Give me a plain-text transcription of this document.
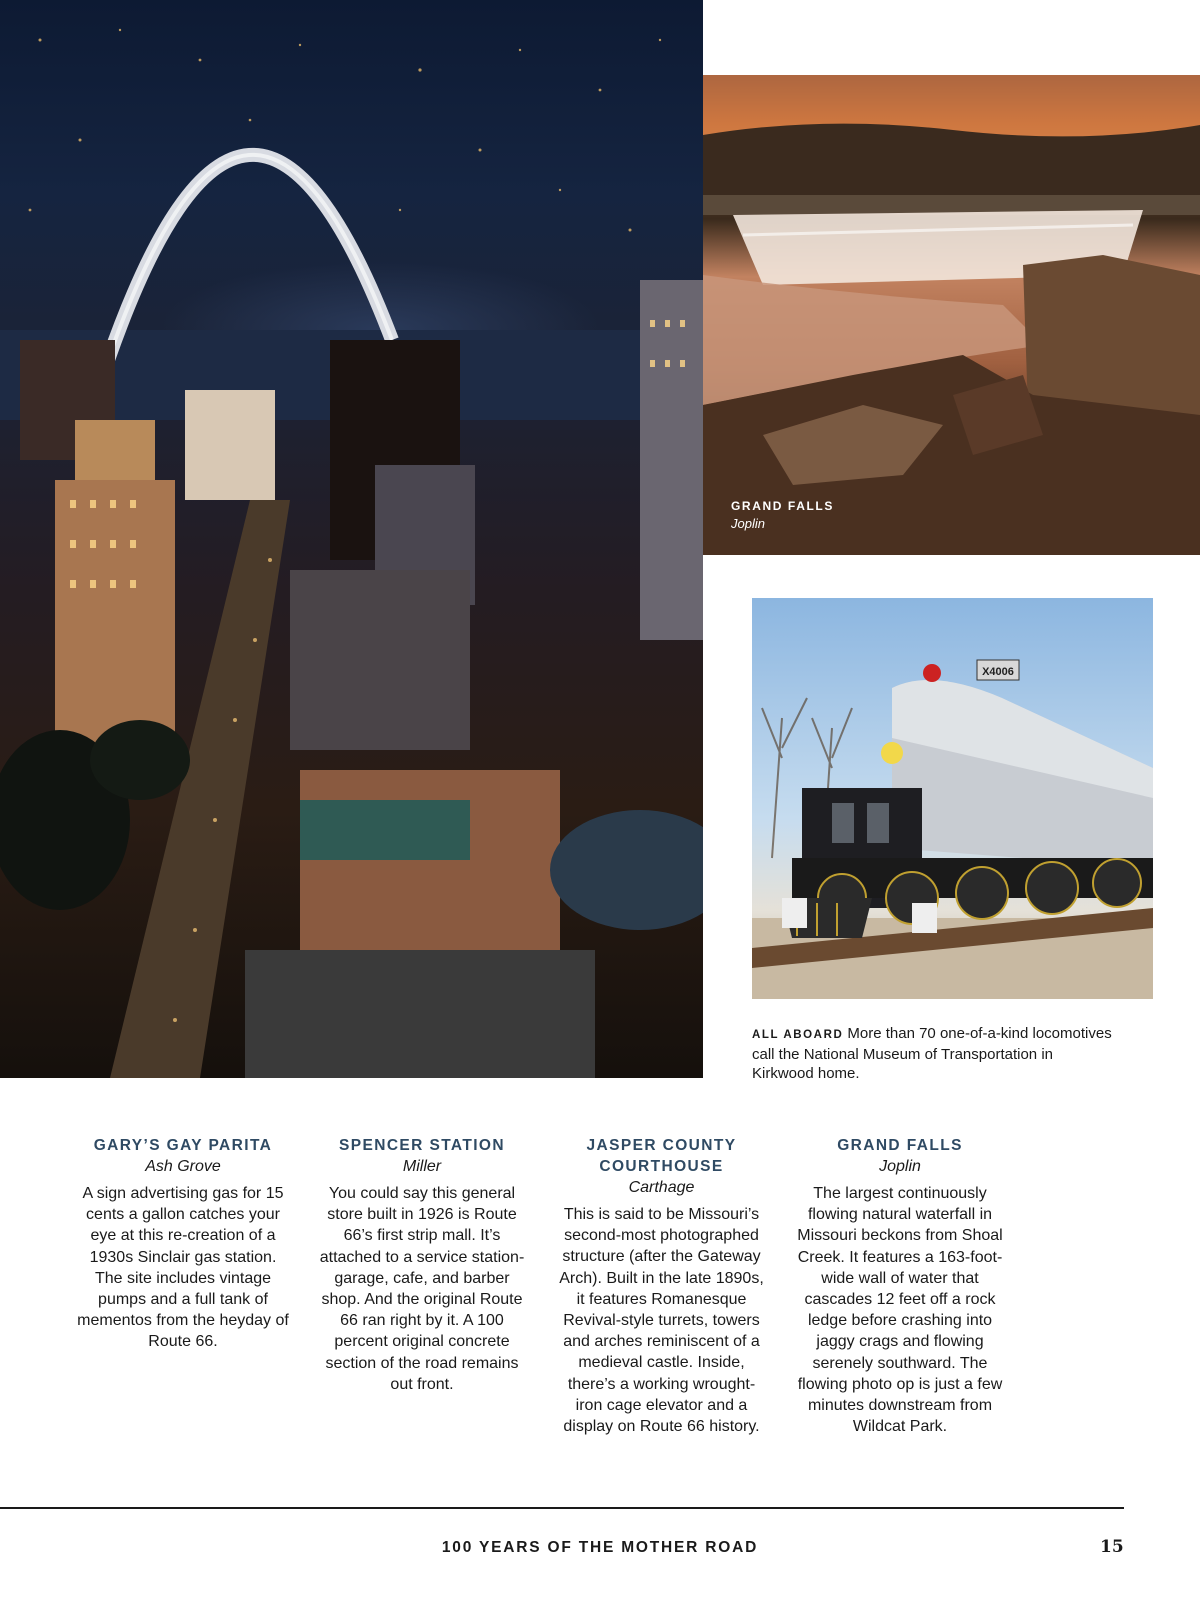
GRAND FALLS
Joplin
X4006
ALL ABOARD More than 70 one-of-a-kind locomotives call the National Museum of Transportation in Kirkwood home.
GARY’S GAY PARITA
Ash Grove

A sign advertising gas for 15 cents a gallon catches your eye at this re-creation of a 1930s Sinclair gas station. The site includes vintage pumps and a full tank of mementos from the heyday of Route 66.

SPENCER STATION
Miller

You could say this general store built in 1926 is Route 66’s first strip mall. It’s attached to a service station-garage, cafe, and barber shop. And the original Route 66 ran right by it. A 100 percent original concrete section of the road remains out front.

JASPER COUNTY COURTHOUSE
Carthage

This is said to be Missouri’s second-most photographed structure (after the Gateway Arch). Built in the late 1890s, it features Romanesque Revival-style turrets, towers and arches reminiscent of a medieval castle. Inside, there’s a working wrought-iron cage elevator and a display on Route 66 history.

GRAND FALLS
Joplin

The largest continuously flowing natural waterfall in Missouri beckons from Shoal Creek. It features a 163-foot-wide wall of water that cascades 12 feet off a rock ledge before crashing into jaggy crags and flowing serenely southward. The flowing photo op is just a few minutes downstream from Wildcat Park.

100 YEARS OF THE MOTHER ROAD	15
